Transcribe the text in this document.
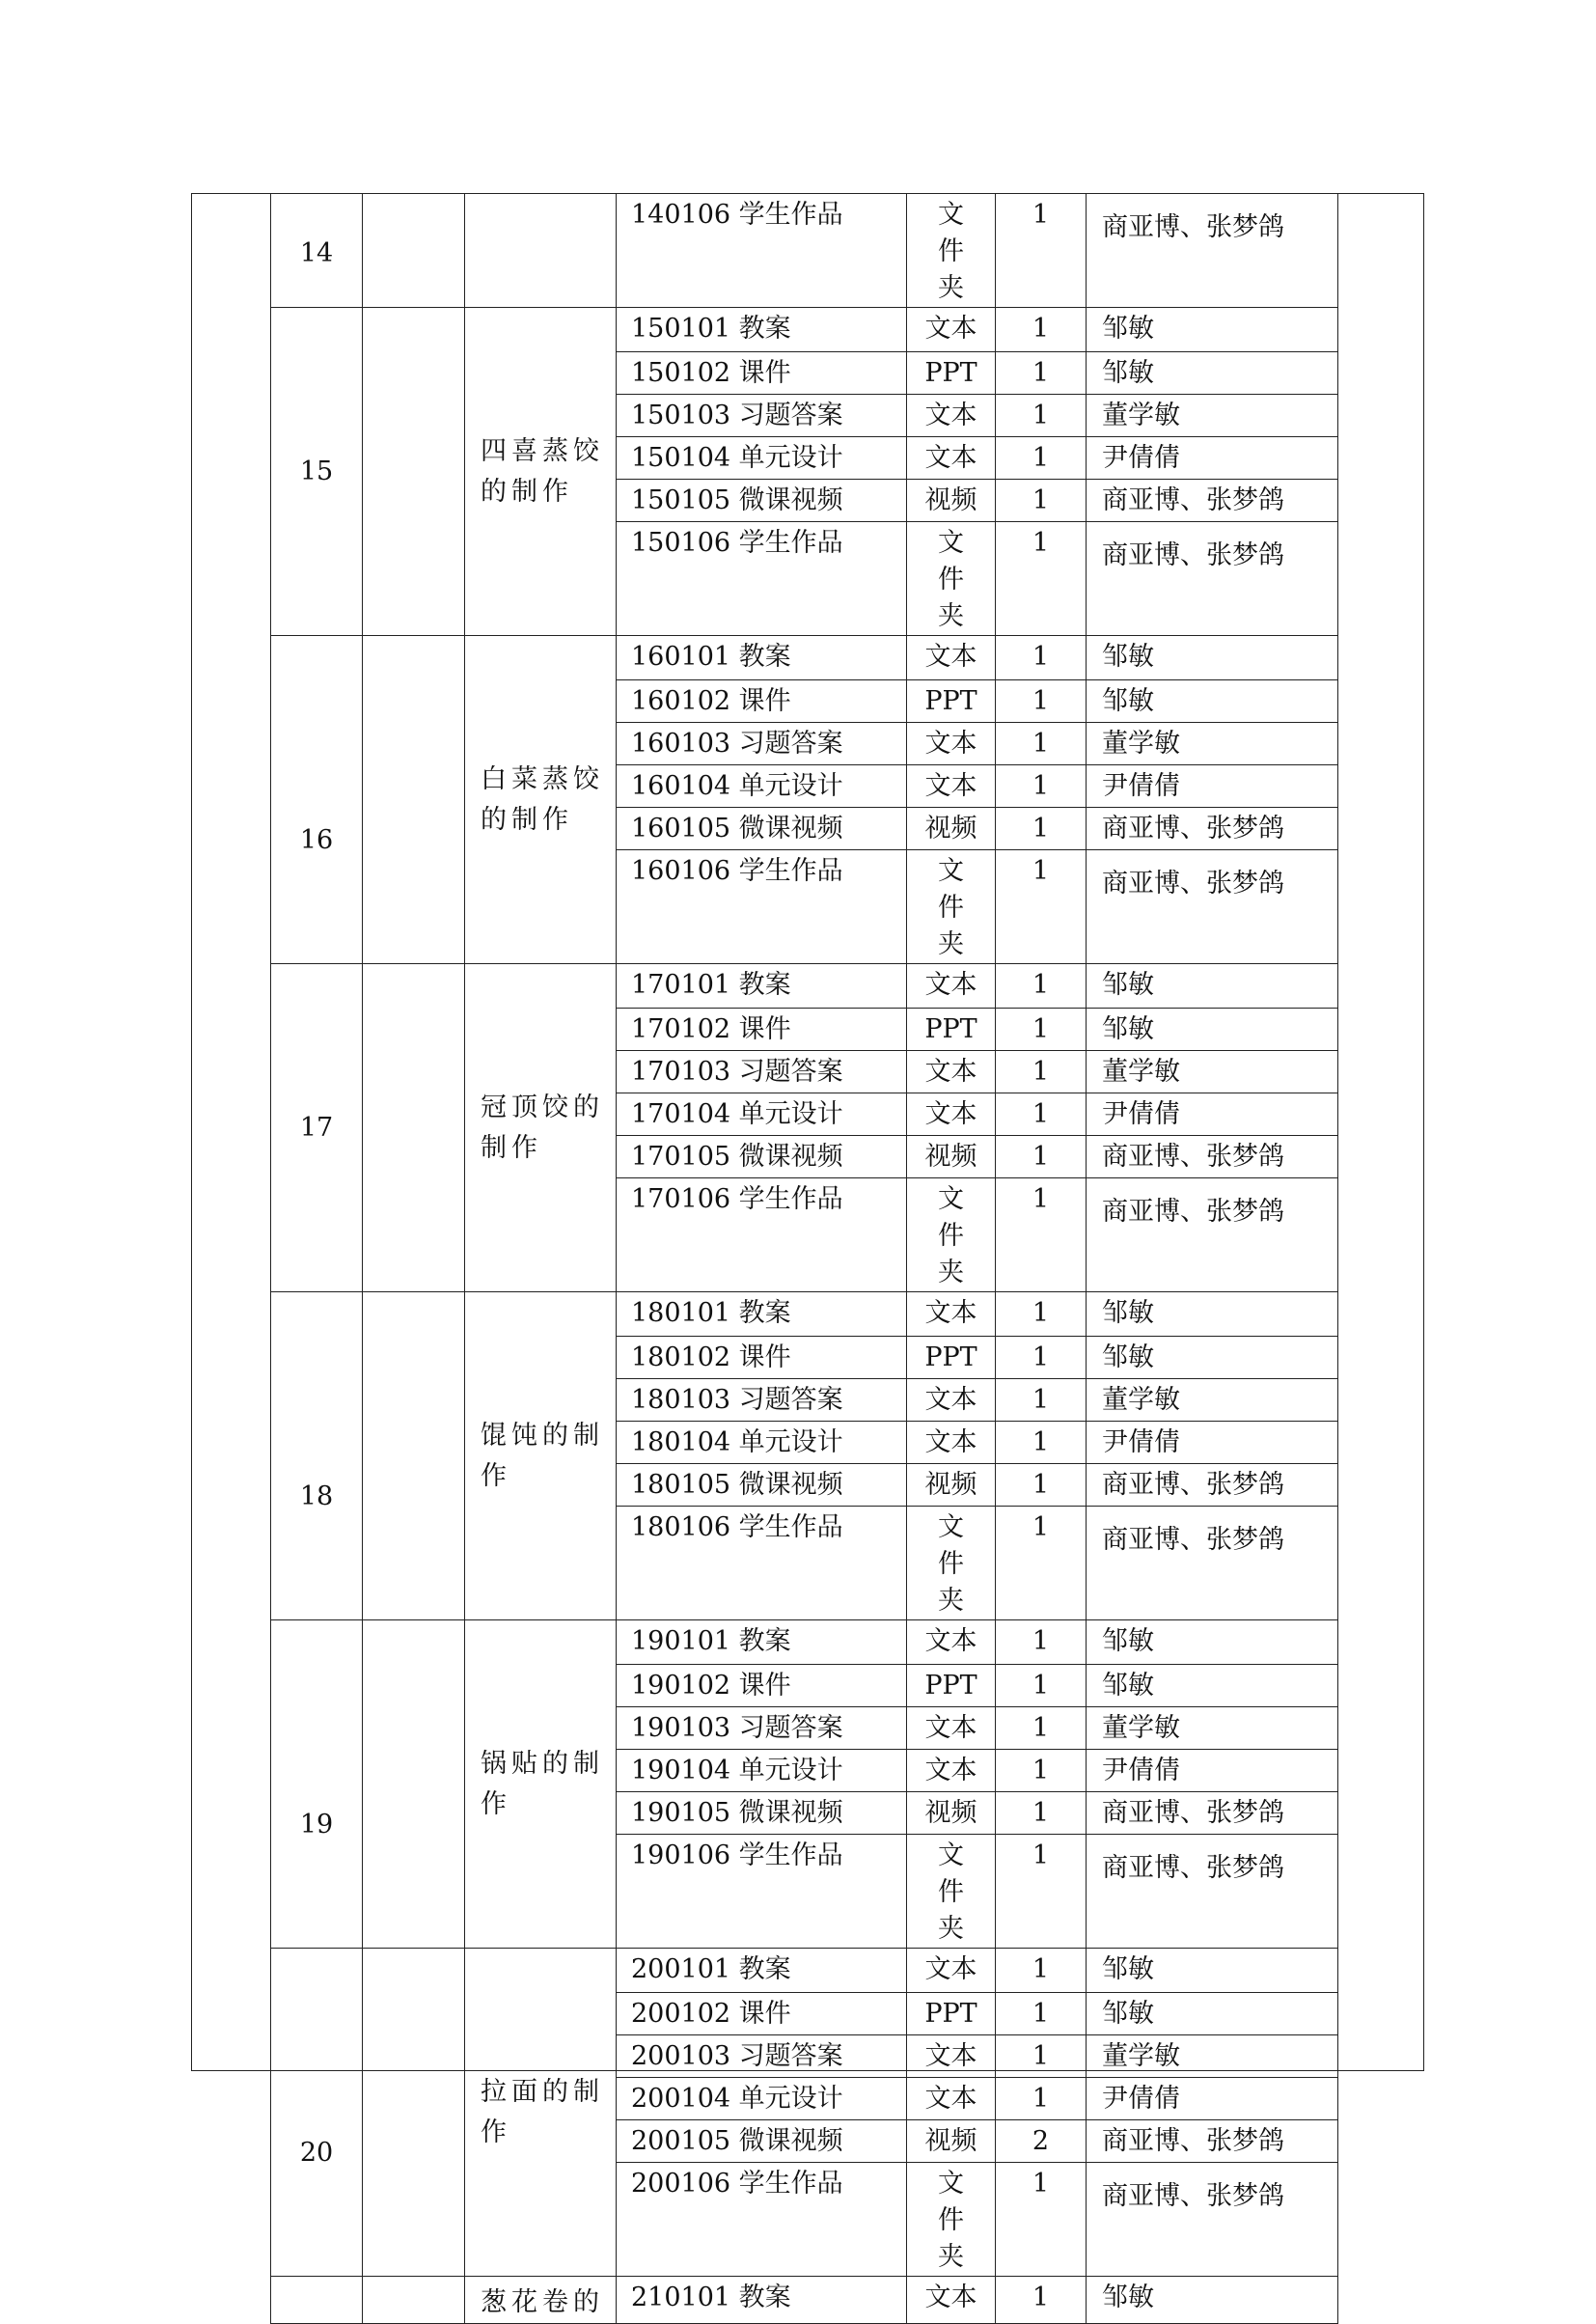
14			140106 学生作品	文件夹	1	商亚博、张梦鸽
15		四喜蒸饺的制作	150101 教案	文本	1	邹敏
			150102 课件	PPT	1	邹敏
			150103 习题答案	文本	1	董学敏
			150104 单元设计	文本	1	尹倩倩
			150105 微课视频	视频	1	商亚博、张梦鸽
			150106 学生作品	文件夹	1	商亚博、张梦鸽
16		白菜蒸饺的制作	160101 教案	文本	1	邹敏
			160102 课件	PPT	1	邹敏
			160103 习题答案	文本	1	董学敏
			160104 单元设计	文本	1	尹倩倩
			160105 微课视频	视频	1	商亚博、张梦鸽
			160106 学生作品	文件夹	1	商亚博、张梦鸽
17		冠顶饺的制作	170101 教案	文本	1	邹敏
			170102 课件	PPT	1	邹敏
			170103 习题答案	文本	1	董学敏
			170104 单元设计	文本	1	尹倩倩
			170105 微课视频	视频	1	商亚博、张梦鸽
			170106 学生作品	文件夹	1	商亚博、张梦鸽
18		馄饨的制作	180101 教案	文本	1	邹敏
			180102 课件	PPT	1	邹敏
			180103 习题答案	文本	1	董学敏
			180104 单元设计	文本	1	尹倩倩
			180105 微课视频	视频	1	商亚博、张梦鸽
			180106 学生作品	文件夹	1	商亚博、张梦鸽
19		锅贴的制作	190101 教案	文本	1	邹敏
			190102 课件	PPT	1	邹敏
			190103 习题答案	文本	1	董学敏
			190104 单元设计	文本	1	尹倩倩
			190105 微课视频	视频	1	商亚博、张梦鸽
			190106 学生作品	文件夹	1	商亚博、张梦鸽
20		拉面的制作	200101 教案	文本	1	邹敏
			200102 课件	PPT	1	邹敏
			200103 习题答案	文本	1	董学敏
			200104 单元设计	文本	1	尹倩倩
			200105 微课视频	视频	2	商亚博、张梦鸽
			200106 学生作品	文件夹	1	商亚博、张梦鸽
		葱花卷的	210101 教案	文本	1	邹敏
